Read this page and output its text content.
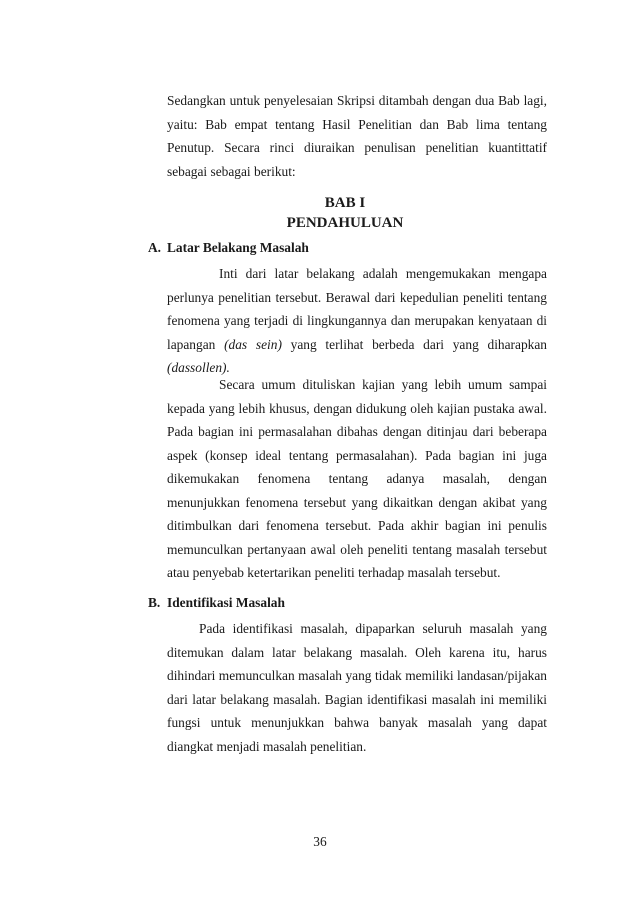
Sedangkan untuk penyelesaian Skripsi ditambah dengan dua Bab lagi, yaitu: Bab empat tentang Hasil Penelitian dan Bab lima tentang Penutup. Secara rinci diuraikan penulisan penelitian kuantittatif sebagai sebagai berikut:

BAB I

PENDAHULUAN

A. Latar Belakang Masalah

Inti dari latar belakang adalah mengemukakan mengapa perlunya penelitian tersebut. Berawal dari kepedulian peneliti tentang fenomena yang terjadi di lingkungannya dan merupakan kenyataan di lapangan (das sein) yang terlihat berbeda dari yang diharapkan (dassollen).

Secara umum dituliskan kajian yang lebih umum sampai kepada yang lebih khusus, dengan didukung oleh kajian pustaka awal. Pada bagian ini permasalahan dibahas dengan ditinjau dari beberapa aspek (konsep ideal tentang permasalahan). Pada bagian ini juga dikemukakan fenomena tentang adanya masalah, dengan menunjukkan fenomena tersebut yang dikaitkan dengan akibat yang ditimbulkan dari fenomena tersebut. Pada akhir bagian ini penulis memunculkan pertanyaan awal oleh peneliti tentang masalah tersebut atau penyebab ketertarikan peneliti terhadap masalah tersebut.

B. Identifikasi Masalah

Pada identifikasi masalah, dipaparkan seluruh masalah yang ditemukan dalam latar belakang masalah. Oleh karena itu, harus dihindari memunculkan masalah yang tidak memiliki landasan/pijakan dari latar belakang masalah. Bagian identifikasi masalah ini memiliki fungsi untuk menunjukkan bahwa banyak masalah yang dapat diangkat menjadi masalah penelitian.

36
